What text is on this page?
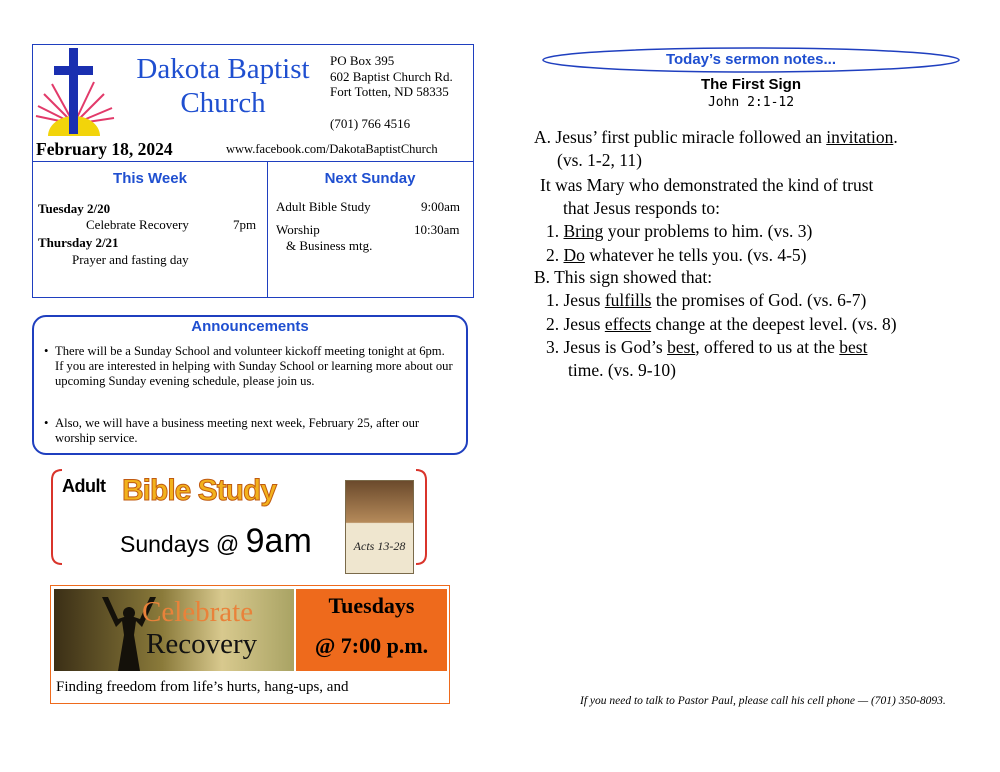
Dakota Baptist
Church
PO Box 395
602 Baptist Church Rd.
Fort Totten, ND 58335
(701) 766 4516
February 18, 2024	www.facebook.com/DakotaBaptistChurch
This Week
Tuesday 2/20
Celebrate Recovery	7pm
Thursday 2/21
Prayer and fasting day
Next Sunday
Adult Bible Study	9:00am
Worship	10:30am
& Business mtg.
Announcements
• There will be a Sunday School and volunteer kickoff meeting tonight at 6pm. If you are interested in helping with Sunday School or learning more about our upcoming Sunday evening schedule, please join us.
• Also, we will have a business meeting next week, February 25, after our worship service.
Adult Bible Study
Sundays @ 9am	Acts 13-28
Celebrate
Recovery
Tuesdays
@ 7:00 p.m.
Finding freedom from life’s hurts, hang-ups, and
Today’s sermon notes...
The First Sign
John 2:1-12
A. Jesus’ first public miracle followed an invitation.
(vs. 1-2, 11)
It was Mary who demonstrated the kind of trust
that Jesus responds to:
1. Bring your problems to him. (vs. 3)
2. Do whatever he tells you. (vs. 4-5)
B. This sign showed that:
1. Jesus fulfills the promises of God. (vs. 6-7)
2. Jesus effects change at the deepest level. (vs. 8)
3. Jesus is God’s best, offered to us at the best
time. (vs. 9-10)
If you need to talk to Pastor Paul, please call his cell phone — (701) 350-8093.
